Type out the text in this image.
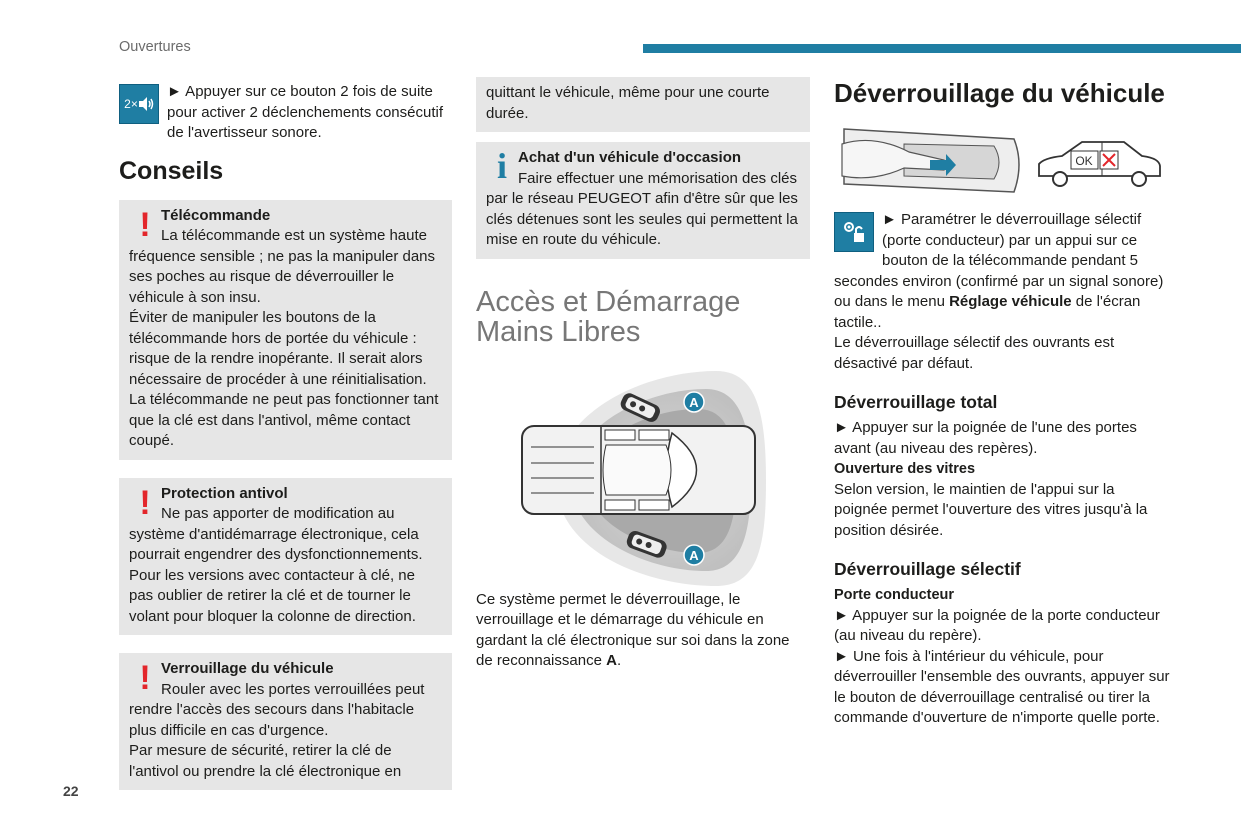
Ouvertures
22
2×

► Appuyer sur ce bouton 2 fois de suite pour activer 2 déclenchements consécutif de l'avertisseur sonore.

Conseils
! Télécommande

La télécommande est un système haute fréquence sensible ; ne pas la manipuler dans ses poches au risque de déverrouiller le véhicule à son insu.

Éviter de manipuler les boutons de la télécommande hors de portée du véhicule : risque de la rendre inopérante. Il serait alors nécessaire de procéder à une réinitialisation.

La télécommande ne peut pas fonctionner tant que la clé est dans l'antivol, même contact coupé.

! Protection antivol

Ne pas apporter de modification au système d'antidémarrage électronique, cela pourrait engendrer des dysfonctionnements.

Pour les versions avec contacteur à clé, ne pas oublier de retirer la clé et de tourner le volant pour bloquer la colonne de direction.

! Verrouillage du véhicule

Rouler avec les portes verrouillées peut rendre l'accès des secours dans l'habitacle plus difficile en cas d'urgence.

Par mesure de sécurité, retirer la clé de l'antivol ou prendre la clé électronique en

quittant le véhicule, même pour une courte durée.

i Achat d'un véhicule d'occasion

Faire effectuer une mémorisation des clés par le réseau PEUGEOT afin d'être sûr que les clés détenues sont les seules qui permettent la mise en route du véhicule.

Accès et Démarrage
Mains Libres
A
A

Ce système permet le déverrouillage, le verrouillage et le démarrage du véhicule en gardant la clé électronique sur soi dans la zone de reconnaissance A.

Déverrouillage du véhicule
OK

► Paramétrer le déverrouillage sélectif (porte conducteur) par un appui sur ce bouton de la télécommande pendant 5 secondes environ (confirmé par un signal sonore) ou dans le menu Réglage véhicule de l'écran tactile..

Le déverrouillage sélectif des ouvrants est désactivé par défaut.

Déverrouillage total

► Appuyer sur la poignée de l'une des portes avant (au niveau des repères).

Ouverture des vitres

Selon version, le maintien de l'appui sur la poignée permet l'ouverture des vitres jusqu'à la position désirée.

Déverrouillage sélectif
Porte conducteur

► Appuyer sur la poignée de la porte conducteur (au niveau du repère).

► Une fois à l'intérieur du véhicule, pour déverrouiller l'ensemble des ouvrants, appuyer sur le bouton de déverrouillage centralisé ou tirer la commande d'ouverture de n'importe quelle porte.
